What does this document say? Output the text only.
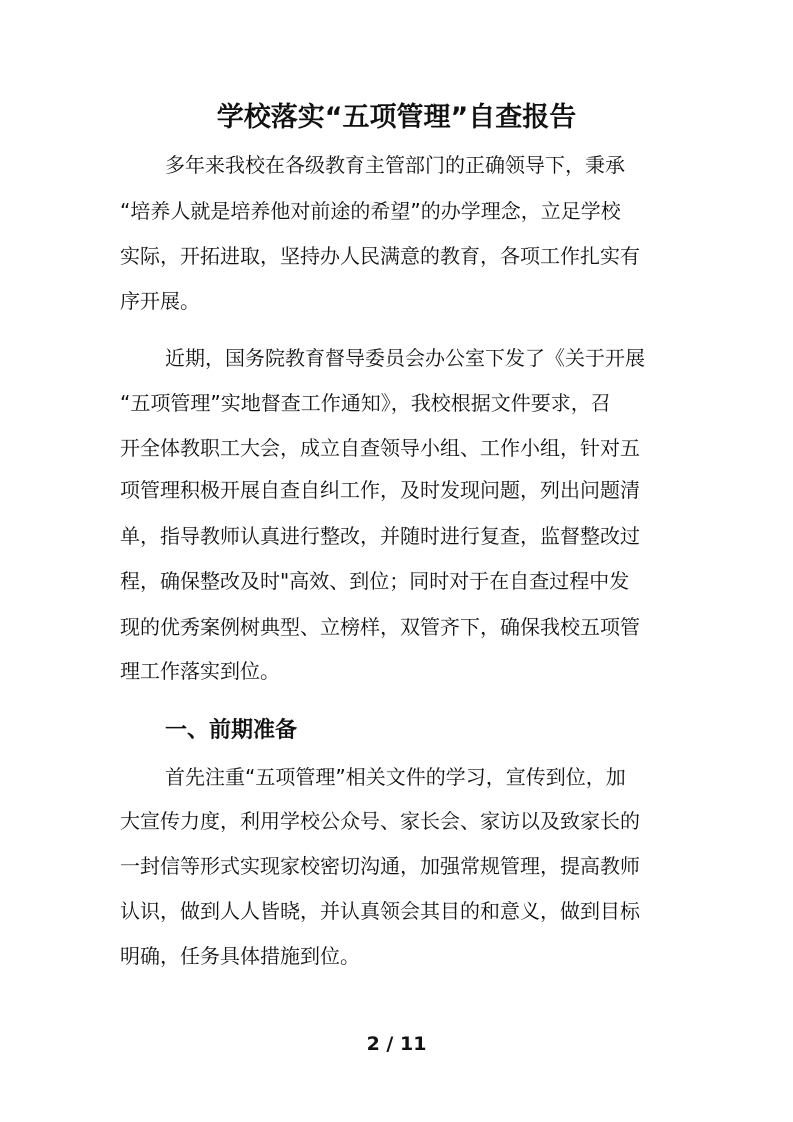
学校落实“五项管理”自查报告

多年来我校在各级教育主管部门的正确领导下，秉承

“培养人就是培养他对前途的希望”的办学理念，立足学校

实际，开拓进取，坚持办人民满意的教育，各项工作扎实有

序开展。

近期，国务院教育督导委员会办公室下发了《关于开展

“五项管理”实地督查工作通知》，我校根据文件要求，召

开全体教职工大会，成立自查领导小组、工作小组，针对五

项管理积极开展自查自纠工作，及时发现问题，列出问题清

单，指导教师认真进行整改，并随时进行复查，监督整改过

程，确保整改及时"高效、到位；同时对于在自查过程中发

现的优秀案例树典型、立榜样，双管齐下，确保我校五项管

理工作落实到位。

一、前期准备

首先注重“五项管理”相关文件的学习，宣传到位，加

大宣传力度，利用学校公众号、家长会、家访以及致家长的

一封信等形式实现家校密切沟通，加强常规管理，提高教师

认识，做到人人皆晓，并认真领会其目的和意义，做到目标

明确，任务具体措施到位。

2 / 11
